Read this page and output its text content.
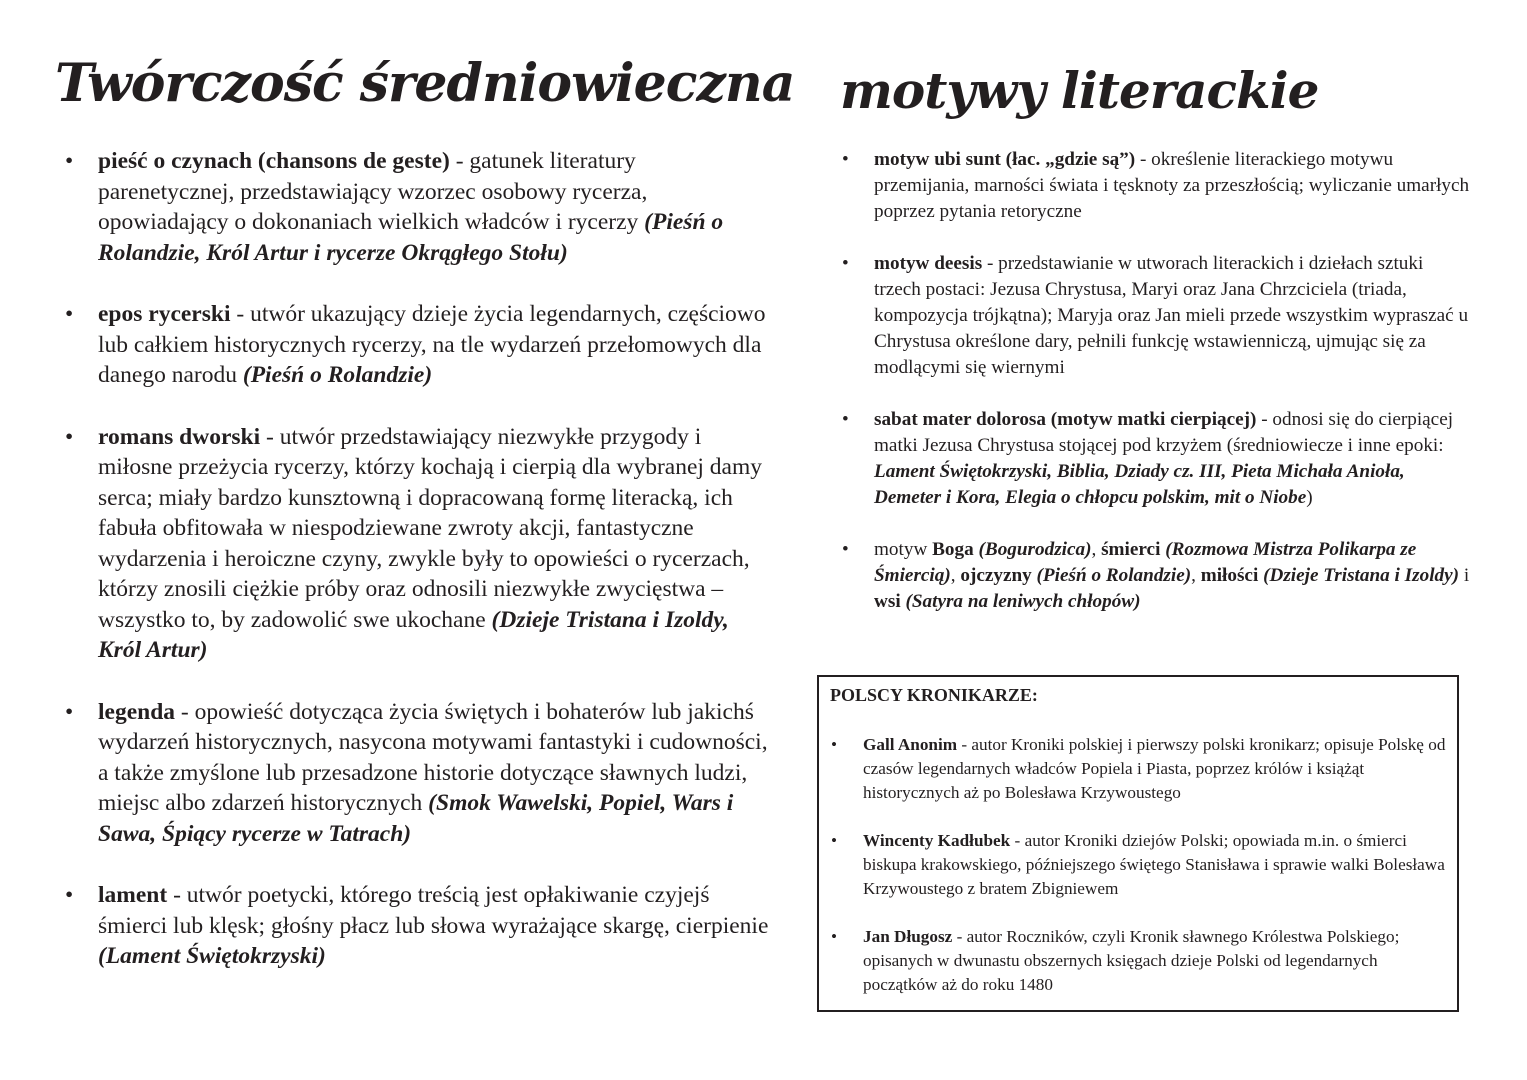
Twórczość średniowieczna motywy literackie
• pieść o czynach (chansons de geste) - gatunek literatury parenetycznej, przedstawiający wzorzec osobowy rycerza, opowiadający o dokonaniach wielkich władców i rycerzy (Pieśń o Rolandzie, Król Artur i rycerze Okrągłego Stołu)
• epos rycerski - utwór ukazujący dzieje życia legendarnych, częściowo lub całkiem historycznych rycerzy, na tle wydarzeń przełomowych dla danego narodu (Pieśń o Rolandzie)
• romans dworski - utwór przedstawiający niezwykłe przygody i miłosne przeżycia rycerzy, którzy kochają i cierpią dla wybranej damy serca; miały bardzo kunsztowną i dopracowaną formę literacką, ich fabuła obfitowała w niespodziewane zwroty akcji, fantastyczne wydarzenia i heroiczne czyny, zwykle były to opowieści o rycerzach, którzy znosili ciężkie próby oraz odnosili niezwykłe zwycięstwa – wszystko to, by zadowolić swe ukochane (Dzieje Tristana i Izoldy, Król Artur)
• legenda - opowieść dotycząca życia świętych i bohaterów lub jakichś wydarzeń historycznych, nasycona motywami fantastyki i cudowności, a także zmyślone lub przesadzone historie dotyczące sławnych ludzi, miejsc albo zdarzeń historycznych (Smok Wawelski, Popiel, Wars i Sawa, Śpiący rycerze w Tatrach)
• lament - utwór poetycki, którego treścią jest opłakiwanie czyjejś śmierci lub klęsk; głośny płacz lub słowa wyrażające skargę, cierpienie (Lament Świętokrzyski)
• motyw ubi sunt (łac. „gdzie są”) - określenie literackiego motywu przemijania, marności świata i tęsknoty za przeszłością; wyliczanie umarłych poprzez pytania retoryczne
• motyw deesis - przedstawianie w utworach literackich i dziełach sztuki trzech postaci: Jezusa Chrystusa, Maryi oraz Jana Chrzciciela (triada, kompozycja trójkątna); Maryja oraz Jan mieli przede wszystkim wypraszać u Chrystusa określone dary, pełnili funkcję wstawienniczą, ujmując się za modlącymi się wiernymi
• sabat mater dolorosa (motyw matki cierpiącej) - odnosi się do cierpiącej matki Jezusa Chrystusa stojącej pod krzyżem (średniowiecze i inne epoki: Lament Świętokrzyski, Biblia, Dziady cz. III, Pieta Michała Anioła, Demeter i Kora, Elegia o chłopcu polskim, mit o Niobe)
• motyw Boga (Bogurodzica), śmierci (Rozmowa Mistrza Polikarpa ze Śmiercią), ojczyzny (Pieśń o Rolandzie), miłości (Dzieje Tristana i Izoldy) i wsi (Satyra na leniwych chłopów)
POLSCY KRONIKARZE:
• Gall Anonim - autor Kroniki polskiej i pierwszy polski kronikarz; opisuje Polskę od czasów legendarnych władców Popiela i Piasta, poprzez królów i książąt historycznych aż po Bolesława Krzywoustego
• Wincenty Kadłubek - autor Kroniki dziejów Polski; opowiada m.in. o śmierci biskupa krakowskiego, późniejszego świętego Stanisława i sprawie walki Bolesława Krzywoustego z bratem Zbigniewem
• Jan Długosz - autor Roczników, czyli Kronik sławnego Królestwa Polskiego; opisanych w dwunastu obszernych księgach dzieje Polski od legendarnych początków aż do roku 1480
